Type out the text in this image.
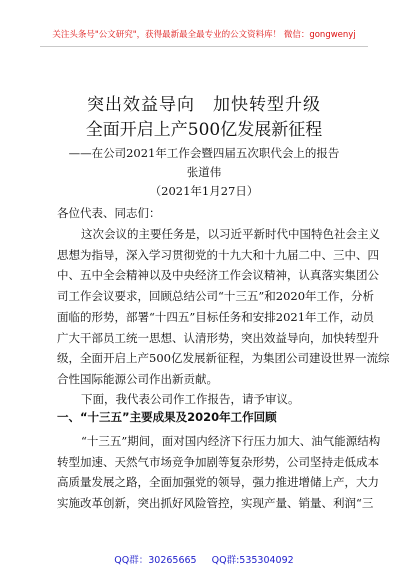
关注头条号"公文研究"，获得最新最全最专业的公文资料库！ 微信：gongwenyj
突出效益导向　加快转型升级
全面开启上产500亿发展新征程
——在公司2021年工作会暨四届五次职代会上的报告
张道伟
（2021年1月27日）
各位代表、同志们：
这次会议的主要任务是，以习近平新时代中国特色社会主义
思想为指导，深入学习贯彻党的十九大和十九届二中、三中、四
中、五中全会精神以及中央经济工作会议精神，认真落实集团公
司工作会议要求，回顾总结公司“十三五”和2020年工作，分析
面临的形势，部署“十四五”目标任务和安排2021年工作，动员
广大干部员工统一思想、认清形势，突出效益导向，加快转型升
级，全面开启上产500亿发展新征程，为集团公司建设世界一流综
合性国际能源公司作出新贡献。
下面，我代表公司作工作报告，请予审议。
一、“十三五”主要成果及2020年工作回顾
“十三五”期间，面对国内经济下行压力加大、油气能源结构
转型加速、天然气市场竞争加剧等复杂形势，公司坚持走低成本
高质量发展之路，全面加强党的领导，强力推进增储上产，大力
实施改革创新，突出抓好风险管控，实现产量、销量、利润“三
QQ群：30265665 QQ群:535304092
